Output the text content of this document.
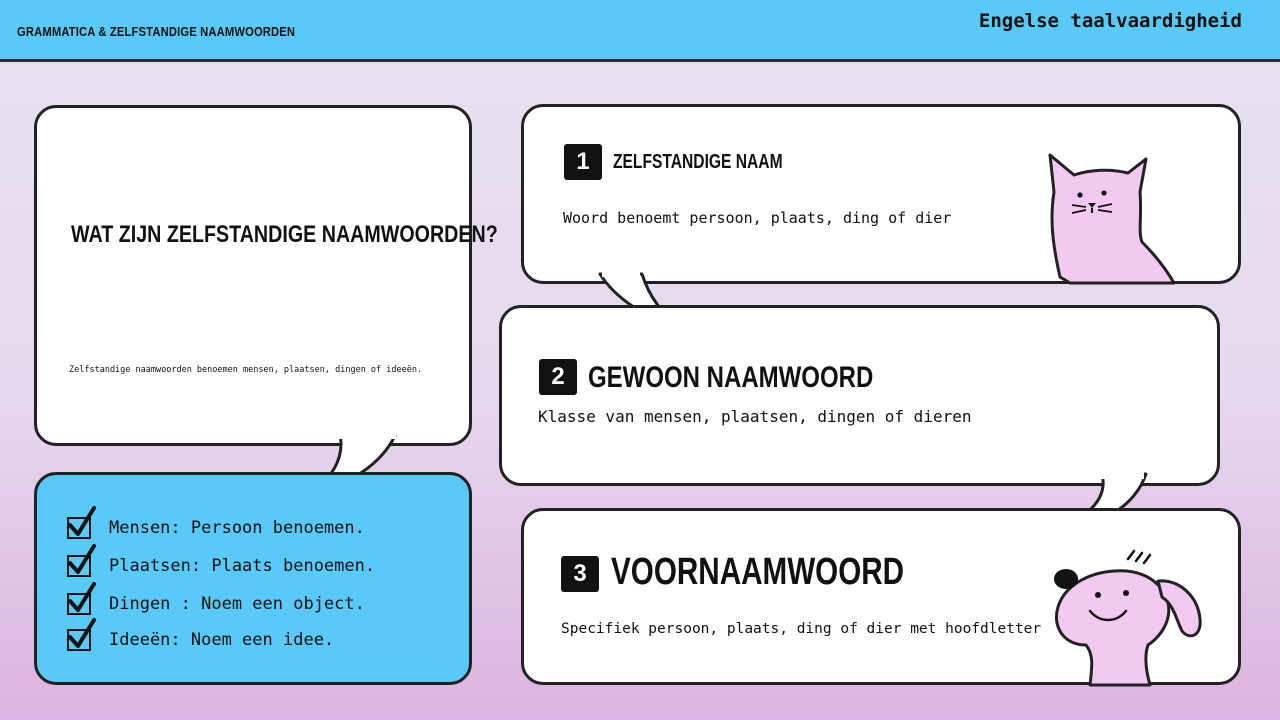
GRAMMATICA & ZELFSTANDIGE NAAMWOORDEN	Engelse taalvaardigheid
WAT ZIJN ZELFSTANDIGE NAAMWOORDEN?
Zelfstandige naamwoorden benoemen mensen, plaatsen, dingen of ideeën.
Mensen: Persoon benoemen.
Plaatsen: Plaats benoemen.
Dingen : Noem een object.
Ideeën: Noem een idee.
1	ZELFSTANDIGE NAAM
Woord benoemt persoon, plaats, ding of dier
2 GEWOON NAAMWOORD
Klasse van mensen, plaatsen, dingen of dieren
3 VOORNAAMWOORD
Specifiek persoon, plaats, ding of dier met hoofdletter
